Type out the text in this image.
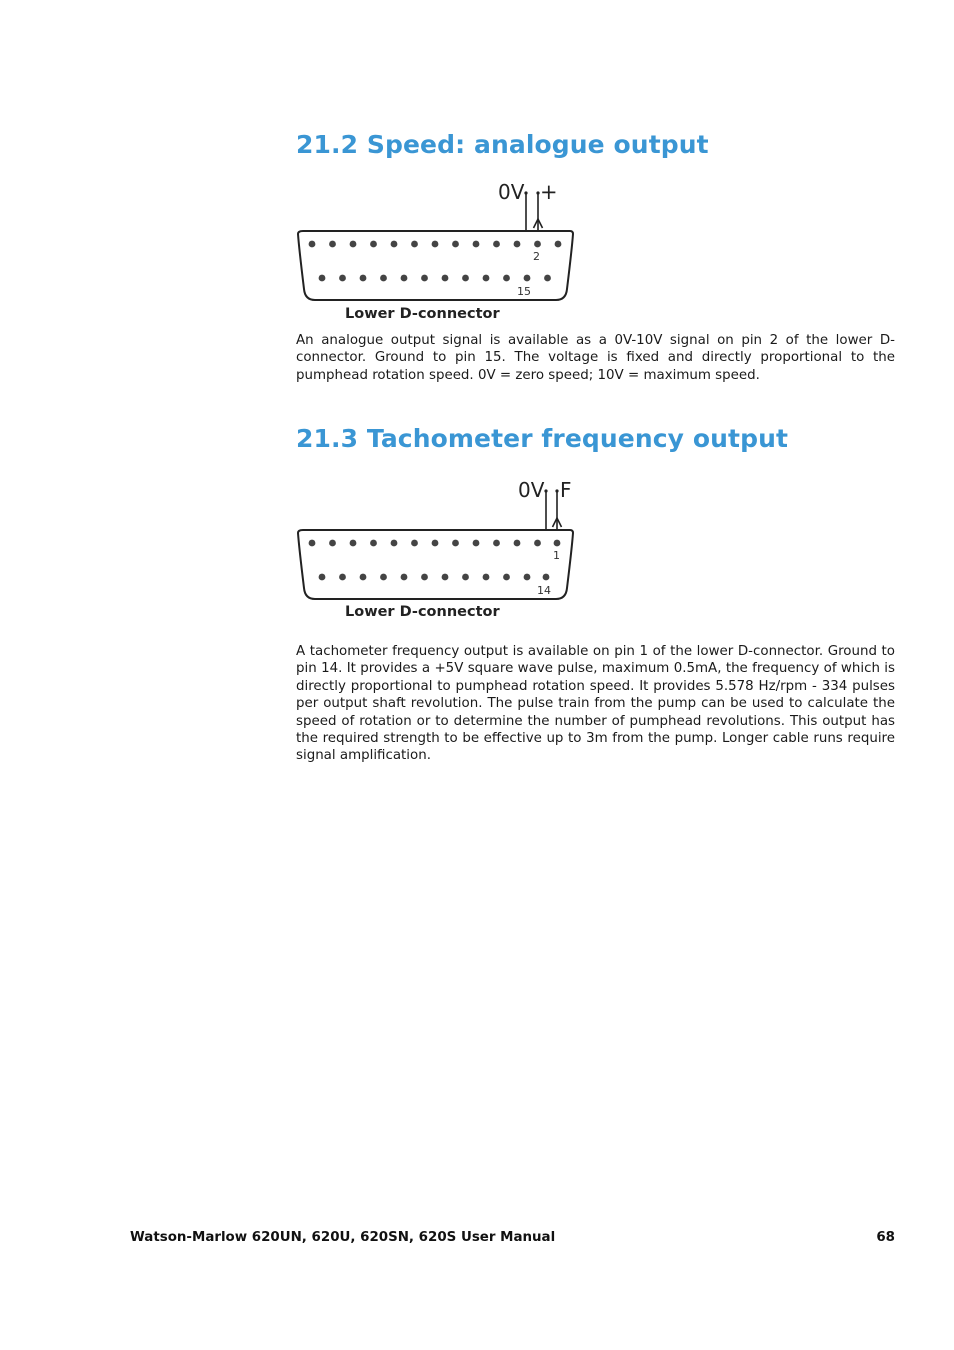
21.2 Speed: analogue output
0V +
2
15
Lower D-connector

An analogue output signal is available as a 0V-10V signal on pin 2 of the lower D-connector. Ground to pin 15. The voltage is fixed and directly proportional to the pumphead rotation speed. 0V = zero speed; 10V = maximum speed.

21.3 Tachometer frequency output
0V F
1
14
Lower D-connector

A tachometer frequency output is available on pin 1 of the lower D-connector. Ground to pin 14. It provides a +5V square wave pulse, maximum 0.5mA, the frequency of which is directly proportional to pumphead rotation speed. It provides 5.578 Hz/rpm - 334 pulses per output shaft revolution. The pulse train from the pump can be used to calculate the speed of rotation or to determine the number of pumphead revolutions. This output has the required strength to be effective up to 3m from the pump. Longer cable runs require signal amplification.

Watson-Marlow 620UN, 620U, 620SN, 620S User Manual	68
